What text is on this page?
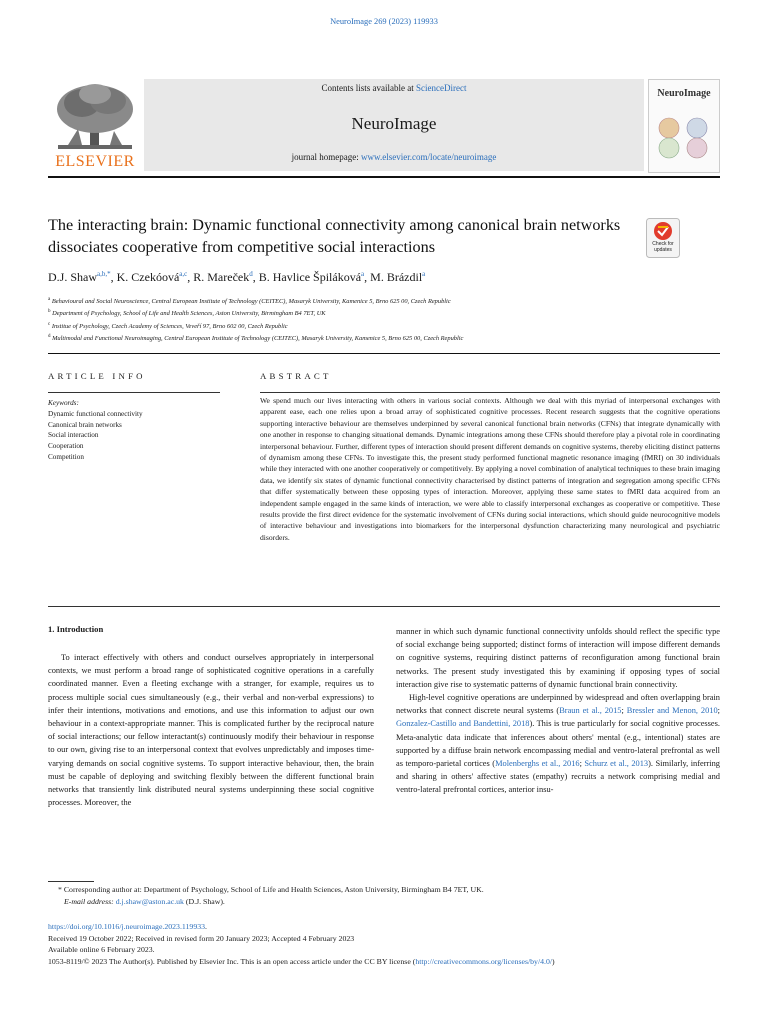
NeuroImage 269 (2023) 119933
ELSEVIER
Contents lists available at ScienceDirect
NeuroImage
journal homepage: www.elsevier.com/locate/neuroimage
NeuroImage
The interacting brain: Dynamic functional connectivity among canonical brain networks dissociates cooperative from competitive social interactions	Check for updates
D.J. Shaw$^{a,b,*}$, K. Czekóová$^{a,c}$, R. Mareček$^d$, B. Havlice Špiláková$^a$, M. Brázdil$^a$
$^a$ Behavioural and Social Neuroscience, Central European Institute of Technology (CEITEC), Masaryk University, Kamenice 5, Brno 625 00, Czech Republic
$^b$ Department of Psychology, School of Life and Health Sciences, Aston University, Birmingham B4 7ET, UK
$^c$ Institue of Psychology, Czech Academy of Sciences, Veveří 97, Brno 602 00, Czech Republic
$^d$ Multimodal and Functional Neuroimaging, Central European Institute of Technology (CEITEC), Masaryk University, Kamenice 5, Brno 625 00, Czech Republic
ARTICLE INFO	ABSTRACT
Keywords:
Dynamic functional connectivity
Canonical brain networks
Social interaction
Cooperation
Competition
We spend much our lives interacting with others in various social contexts. Although we deal with this myriad of interpersonal exchanges with apparent ease, each one relies upon a broad array of sophisticated cognitive processes. Recent research suggests that the cognitive operations supporting interactive behaviour are themselves underpinned by several canonical functional brain networks (CFNs) that integrate dynamically with one another in response to changing situational demands. Dynamic integrations among these CFNs should therefore play a pivotal role in coordinating interpersonal behaviour. Further, different types of interaction should present different demands on cognitive systems, thereby eliciting distinct patterns of dynamism among these CFNs. To investigate this, the present study performed functional magnetic resonance imaging (fMRI) on 30 individuals while they interacted with one another cooperatively or competitively. By applying a novel combination of analytical techniques to these brain imaging data, we identify six states of dynamic functional connectivity characterised by distinct patterns of integration and segregation among specific CFNs that differ systematically between these opposing types of interaction. Moreover, applying these same states to fMRI data acquired from an independent sample engaged in the same kinds of interaction, we were able to classify interpersonal exchanges as cooperative or competitive. These results provide the first direct evidence for the systematic involvement of CFNs during social interactions, which should guide neurocognitive models of interactive behaviour and investigations into biomarkers for the interpersonal dysfunction characterizing many neurological and psychiatric disorders.
1. Introduction

To interact effectively with others and conduct ourselves appropriately in interpersonal contexts, we must perform a broad range of sophisticated cognitive operations in a carefully coordinated manner. Even a fleeting exchange with a stranger, for example, requires us to process multiple social cues simultaneously (e.g., their verbal and non-verbal expressions) to infer their intentions, motivations and emotions, and use this information to adjust our own behaviour in a context-appropriate manner. This is complicated further by the reciprocal nature of social interactions; our fellow interactant(s) continuously modify their behaviour in response to our own, giving rise to an interpersonal context that evolves unpredictably and imposes time-varying demands on social cognitive systems. To support interactive behaviour, then, the brain must be capable of deploying and switching flexibly between the different functional brain networks that transiently link distributed neural systems underpinning these social cognitive processes. Moreover, the

manner in which such dynamic functional connectivity unfolds should reflect the specific type of social exchange being supported; distinct forms of interaction will impose different demands on cognitive systems, requiring distinct patterns of reconfiguration among functional brain networks. The present study investigated this by examining if opposing types of social interaction give rise to systematic patterns of dynamic functional brain connectivity.

High-level cognitive operations are underpinned by widespread and often overlapping brain networks that connect discrete neural systems (Braun et al., 2015; Bressler and Menon, 2010; Gonzalez-Castillo and Bandettini, 2018). This is true particularly for social cognitive processes. Meta-analytic data indicate that inferences about others' mental (e.g., intentional) states are supported by a diffuse brain network encompassing medial and ventro-lateral prefrontal as well as temporo-parietal cortices (Molenberghs et al., 2016; Schurz et al., 2013). Similarly, inferring and sharing in others' affective states (empathy) recruits a network comprising medial and ventro-lateral prefrontal cortices, anterior insu-

* Corresponding author at: Department of Psychology, School of Life and Health Sciences, Aston University, Birmingham B4 7ET, UK.
E-mail address: d.j.shaw@aston.ac.uk (D.J. Shaw).
https://doi.org/10.1016/j.neuroimage.2023.119933.
Received 19 October 2022; Received in revised form 20 January 2023; Accepted 4 February 2023
Available online 6 February 2023.
1053-8119/© 2023 The Author(s). Published by Elsevier Inc. This is an open access article under the CC BY license (http://creativecommons.org/licenses/by/4.0/)
